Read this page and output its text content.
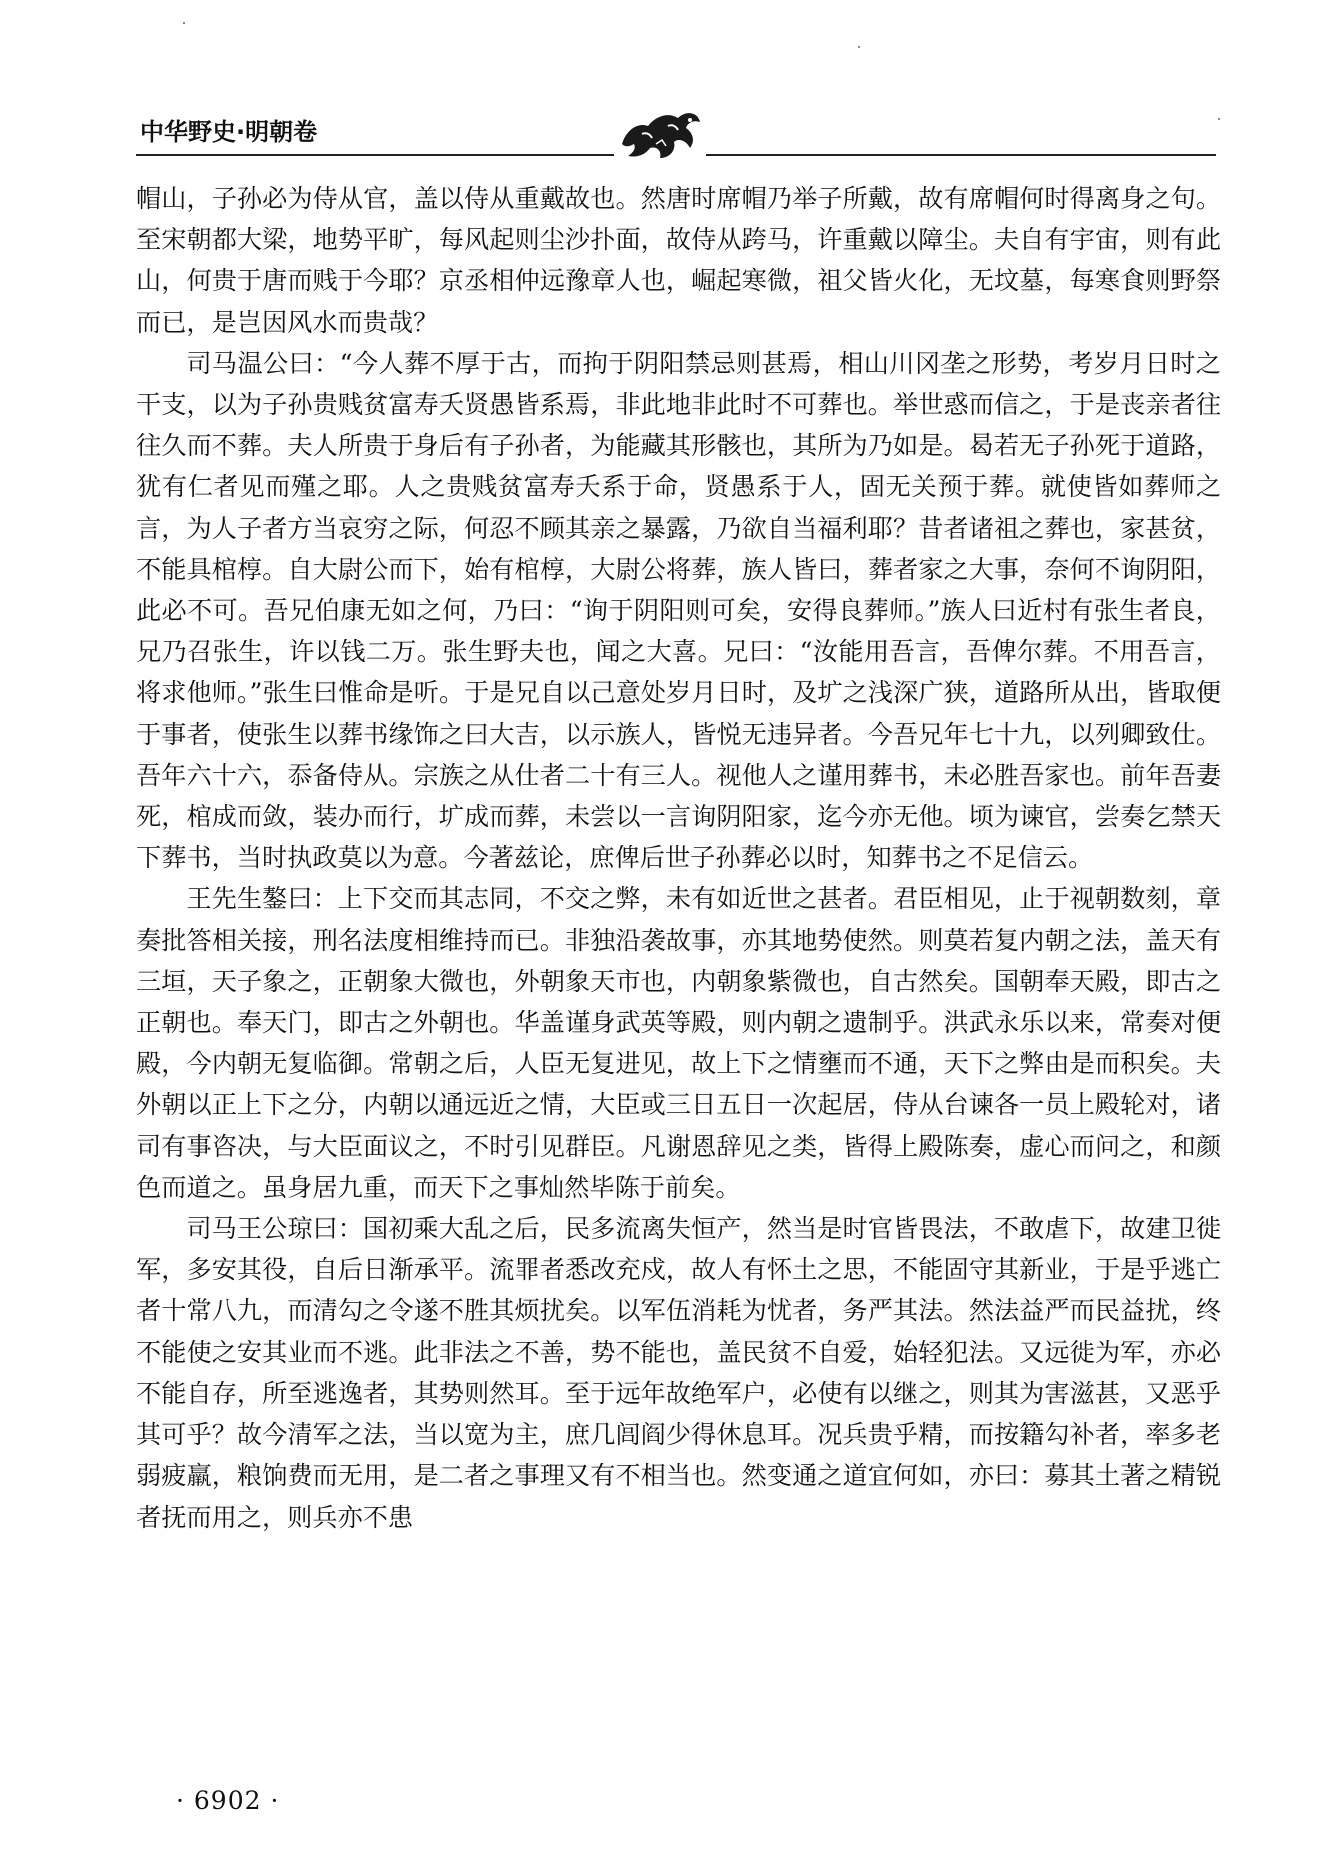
中华野史·明朝卷

帽山，子孙必为侍从官，盖以侍从重戴故也。然唐时席帽乃举子所戴，故有席帽何时得离身之句。至宋朝都大梁，地势平旷，每风起则尘沙扑面，故侍从跨马，许重戴以障尘。夫自有宇宙，则有此山，何贵于唐而贱于今耶？京丞相仲远豫章人也，崛起寒微，祖父皆火化，无坟墓，每寒食则野祭而已，是岂因风水而贵哉？

司马温公曰：“今人葬不厚于古，而拘于阴阳禁忌则甚焉，相山川冈垄之形势，考岁月日时之干支，以为子孙贵贱贫富寿夭贤愚皆系焉，非此地非此时不可葬也。举世惑而信之，于是丧亲者往往久而不葬。夫人所贵于身后有子孙者，为能藏其形骸也，其所为乃如是。曷若无子孙死于道路，犹有仁者见而殣之耶。人之贵贱贫富寿夭系于命，贤愚系于人，固无关预于葬。就使皆如葬师之言，为人子者方当哀穷之际，何忍不顾其亲之暴露，乃欲自当福利耶？昔者诸祖之葬也，家甚贫，不能具棺椁。自大尉公而下，始有棺椁，大尉公将葬，族人皆曰，葬者家之大事，奈何不询阴阳，此必不可。吾兄伯康无如之何，乃曰：“询于阴阳则可矣，安得良葬师。”族人曰近村有张生者良，兄乃召张生，许以钱二万。张生野夫也，闻之大喜。兄曰：“汝能用吾言，吾俾尔葬。不用吾言，将求他师。”张生曰惟命是听。于是兄自以己意处岁月日时，及圹之浅深广狭，道路所从出，皆取便于事者，使张生以葬书缘饰之曰大吉，以示族人，皆悦无违异者。今吾兄年七十九，以列卿致仕。吾年六十六，忝备侍从。宗族之从仕者二十有三人。视他人之谨用葬书，未必胜吾家也。前年吾妻死，棺成而敛，装办而行，圹成而葬，未尝以一言询阴阳家，迄今亦无他。顷为谏官，尝奏乞禁天下葬书，当时执政莫以为意。今著兹论，庶俾后世子孙葬必以时，知葬书之不足信云。

王先生鏊曰：上下交而其志同，不交之弊，未有如近世之甚者。君臣相见，止于视朝数刻，章奏批答相关接，刑名法度相维持而已。非独沿袭故事，亦其地势使然。则莫若复内朝之法，盖天有三垣，天子象之，正朝象大微也，外朝象天市也，内朝象紫微也，自古然矣。国朝奉天殿，即古之正朝也。奉天门，即古之外朝也。华盖谨身武英等殿，则内朝之遗制乎。洪武永乐以来，常奏对便殿，今内朝无复临御。常朝之后，人臣无复进见，故上下之情壅而不通，天下之弊由是而积矣。夫外朝以正上下之分，内朝以通远近之情，大臣或三日五日一次起居，侍从台谏各一员上殿轮对，诸司有事咨决，与大臣面议之，不时引见群臣。凡谢恩辞见之类，皆得上殿陈奏，虚心而问之，和颜色而道之。虽身居九重，而天下之事灿然毕陈于前矣。

司马王公琼曰：国初乘大乱之后，民多流离失恒产，然当是时官皆畏法，不敢虐下，故建卫徙军，多安其役，自后日渐承平。流罪者悉改充戍，故人有怀土之思，不能固守其新业，于是乎逃亡者十常八九，而清勾之令遂不胜其烦扰矣。以军伍消耗为忧者，务严其法。然法益严而民益扰，终不能使之安其业而不逃。此非法之不善，势不能也，盖民贫不自爱，始轻犯法。又远徙为军，亦必不能自存，所至逃逸者，其势则然耳。至于远年故绝军户，必使有以继之，则其为害滋甚，又恶乎其可乎？故今清军之法，当以宽为主，庶几闾阎少得休息耳。况兵贵乎精，而按籍勾补者，率多老弱疲羸，粮饷费而无用，是二者之事理又有不相当也。然变通之道宜何如，亦曰：募其土著之精锐者抚而用之，则兵亦不患

· 6902 ·
